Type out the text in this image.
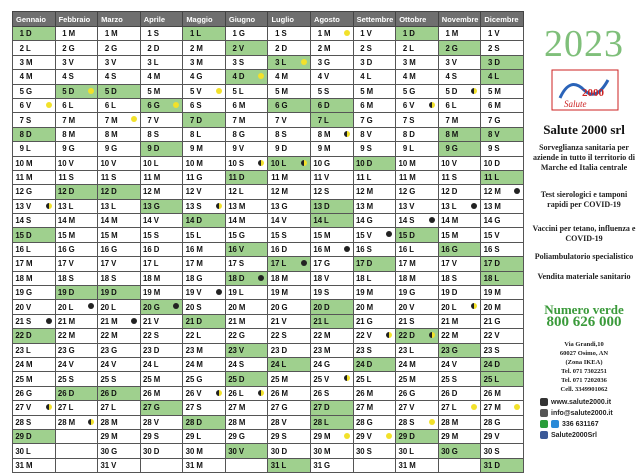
Gennaio	Febbraio	Marzo	Aprile	Maggio	Giugno	Luglio	Agosto	Settembre	Ottobre	Novembre	Dicembre
1 D	1 M	1 M	1 S	1 L	1 G	1 S	1 M	1 V	1 D	1 M	1 V
2 L	2 G	2 G	2 D	2 M	2 V	2 D	2 M	2 S	2 L	2 G	2 S
3 M	3 V	3 V	3 L	3 M	3 S	3 L	3 G	3 D	3 M	3 V	3 D
4 M	4 S	4 S	4 M	4 G	4 D	4 M	4 V	4 L	4 M	4 S	4 L
5 G	5 D	5 D	5 M	5 V	5 L	5 M	5 S	5 M	5 G	5 D	5 M
6 V	6 L	6 L	6 G	6 S	6 M	6 G	6 D	6 M	6 V	6 L	6 M
7 S	7 M	7 M	7 V	7 D	7 M	7 V	7 L	7 G	7 S	7 M	7 G
8 D	8 M	8 M	8 S	8 L	8 G	8 S	8 M	8 V	8 D	8 M	8 V
9 L	9 G	9 G	9 D	9 M	9 V	9 D	9 M	9 S	9 L	9 G	9 S
10 M	10 V	10 V	10 L	10 M	10 S	10 L	10 G	10 D	10 M	10 V	10 D
11 M	11 S	11 S	11 M	11 G	11 D	11 M	11 V	11 L	11 M	11 S	11 L
12 G	12 D	12 D	12 M	12 V	12 L	12 M	12 S	12 M	12 G	12 D	12 M

13 V	13 L	13 L	13 G	13 S	13 M	13 G	13 D	13 M	13 V	13 L	13 M
14 S	14 M	14 M	14 V	14 D	14 M	14 V	14 L	14 G	14 S	14 M	14 G
15 D	15 M	15 M	15 S	15 L	15 G	15 S	15 M	15 V	15 D	15 M	15 V
16 L	16 G	16 G	16 D	16 M	16 V	16 D	16 M	16 S	16 L	16 G	16 S
17 M	17 V	17 V	17 L	17 M	17 S	17 L	17 G	17 D	17 M	17 V	17 D
18 M	18 S	18 S	18 M	18 G	18 D	18 M	18 V	18 L	18 M	18 S	18 L
19 G	19 D	19 D	19 M	19 V	19 L	19 M	19 S	19 M	19 G	19 D	19 M
20 V	20 L	20 L	20 G	20 S	20 M	20 G	20 D	20 M	20 V	20 L	20 M
21 S	21 M	21 M	21 V	21 D	21 M	21 V	21 L	21 G	21 S	21 M	21 G
22 D	22 M	22 M	22 S	22 L	22 G	22 S	22 M	22 V	22 D	22 M	22 V
23 L	23 G	23 G	23 D	23 M	23 V	23 D	23 M	23 S	23 L	23 G	23 S
24 M	24 V	24 V	24 L	24 M	24 S	24 L	24 G	24 D	24 M	24 V	24 D
25 M	25 S	25 S	25 M	25 G	25 D	25 M	25 V	25 L	25 M	25 S	25 L
26 G	26 D	26 D	26 M	26 V	26 L	26 M	26 S	26 M	26 G	26 D	26 M
27 V	27 L	27 L	27 G	27 S	27 M	27 G	27 D	27 M	27 V	27 L	27 M

28 S	28 M	28 M	28 V	28 D	28 M	28 V	28 L	28 G	28 S	28 M	28 G
29 D		29 M	29 S	29 L	29 G	29 S	29 M	29 V	29 D	29 M	29 V
30 L		30 G	30 D	30 M	30 V	30 D	30 M	30 S	30 L	30 G	30 S
31 M		31 V		31 M		31 L	31 G		31 M		31 D
2023
2000
Salute
Salute 2000 srl
Sorveglianza sanitaria per aziende in tutto il territorio di Marche ed Italia centrale
Test sierologici e tamponi rapidi per COVID-19
Vaccini per tetano, influenza e COVID-19
Poliambulatorio specialistico
Vendita materiale sanitario
Numero verde
800 626 000
Via Grandi,10
60027 Osimo, AN
(Zona IKEA)
Tel. 071 7302251
Tel. 071 7202036
Cell. 3349901062
www.salute2000.it
info@salute2000.it
336 631167
Salute2000Srl
